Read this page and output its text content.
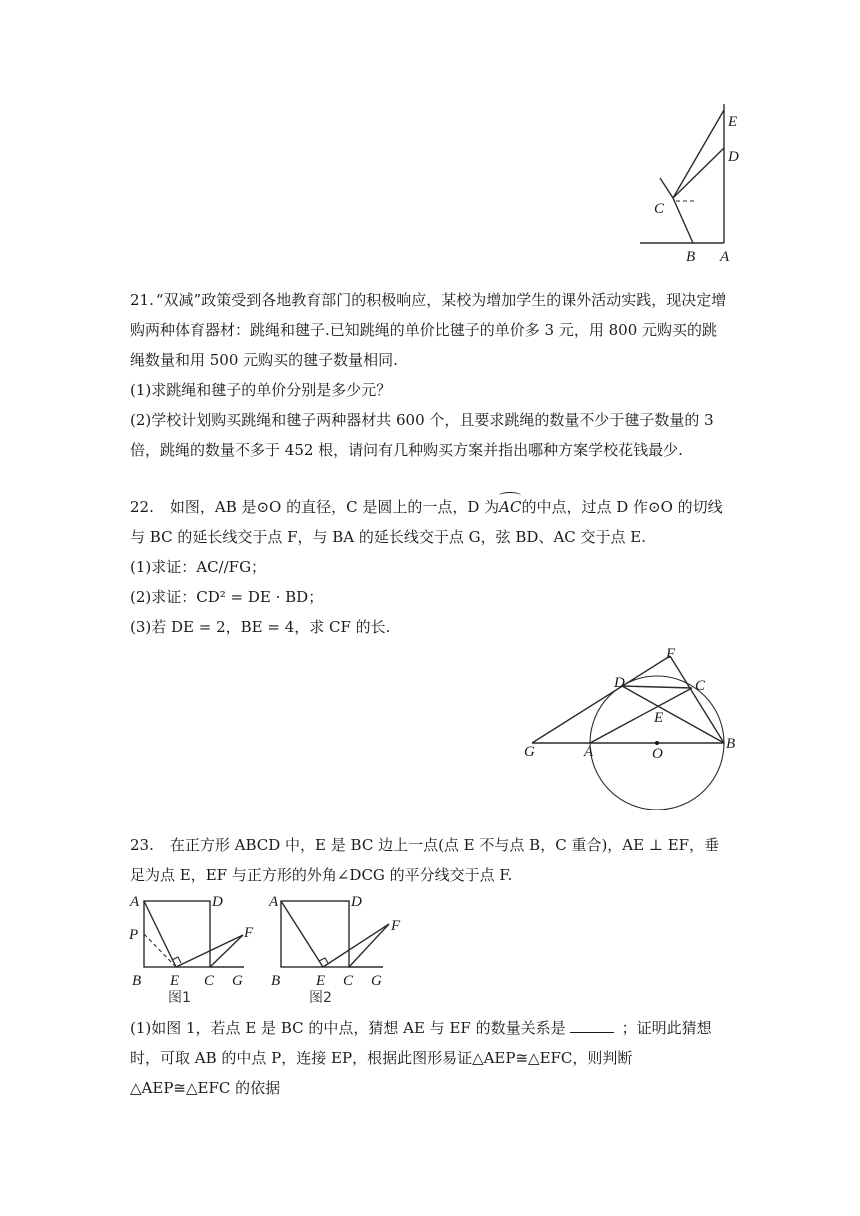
E
D
C
B A

21. “双减”政策受到各地教育部门的积极响应，某校为增加学生的课外活动实践，现决定增购两种体育器材：跳绳和毽子.已知跳绳的单价比毽子的单价多 3 元，用 800 元购买的跳绳数量和用 500 元购买的毽子数量相同.

(1)求跳绳和毽子的单价分别是多少元？

(2)学校计划购买跳绳和毽子两种器材共 600 个，且要求跳绳的数量不少于毽子数量的 3 倍，跳绳的数量不多于 452 根，请问有几种购买方案并指出哪种方案学校花钱最少.

22. 如图，AB 是⊙O 的直径，C 是圆上的一点，D 为
AC的中点，过点 D 作⊙O 的切线与 BC 的延长线交于点 F，与 BA 的延长线交于点 G，弦 BD、AC 交于点 E.

(1)求证：AC//FG；

(2)求证：CD² = DE · BD；

(3)若 DE = 2，BE = 4，求 CF 的长.

F
D	C
E
G	A	O
B

23. 在正方形 ABCD 中，E 是 BC 边上一点(点 E 不与点 B，C 重合)，AE ⊥ EF，垂足为点 E，EF 与正方形的外角∠DCG 的平分线交于点 F.

A	D
P
B E C G
F
图1
A	D
B E C G
F
图2

(1)如图 1，若点 E 是 BC 的中点，猜想 AE 与 EF 的数量关系是	；证明此猜想时，可取 AB 的中点 P，连接 EP，根据此图形易证△AEP≅△EFC，则判断△AEP≅△EFC 的依据
